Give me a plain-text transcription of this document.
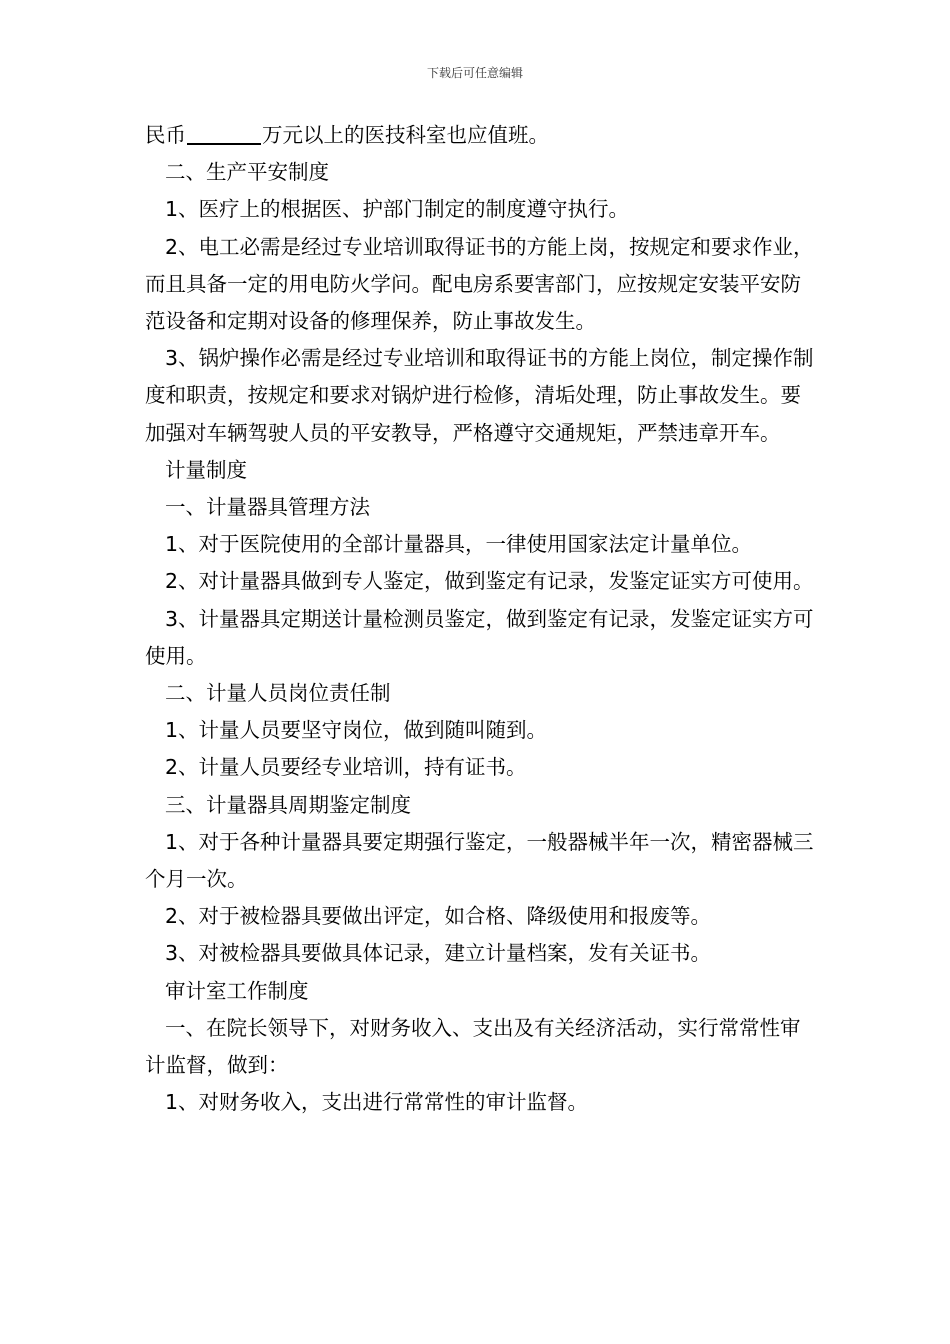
下载后可任意编辑

民币	万元以上的医技科室也应值班。

二、生产平安制度

1、医疗上的根据医、护部门制定的制度遵守执行。

2、电工必需是经过专业培训取得证书的方能上岗，按规定和要求作业，而且具备一定的用电防火学问。配电房系要害部门，应按规定安装平安防范设备和定期对设备的修理保养，防止事故发生。

3、锅炉操作必需是经过专业培训和取得证书的方能上岗位，制定操作制度和职责，按规定和要求对锅炉进行检修，清垢处理，防止事故发生。要加强对车辆驾驶人员的平安教导，严格遵守交通规矩，严禁违章开车。

计量制度

一、计量器具管理方法

1、对于医院使用的全部计量器具，一律使用国家法定计量单位。

2、对计量器具做到专人鉴定，做到鉴定有记录，发鉴定证实方可使用。

3、计量器具定期送计量检测员鉴定，做到鉴定有记录，发鉴定证实方可使用。

二、计量人员岗位责任制

1、计量人员要坚守岗位，做到随叫随到。

2、计量人员要经专业培训，持有证书。

三、计量器具周期鉴定制度

1、对于各种计量器具要定期强行鉴定，一般器械半年一次，精密器械三个月一次。

2、对于被检器具要做出评定，如合格、降级使用和报废等。

3、对被检器具要做具体记录，建立计量档案，发有关证书。

审计室工作制度

一、在院长领导下，对财务收入、支出及有关经济活动，实行常常性审计监督，做到：

1、对财务收入，支出进行常常性的审计监督。
